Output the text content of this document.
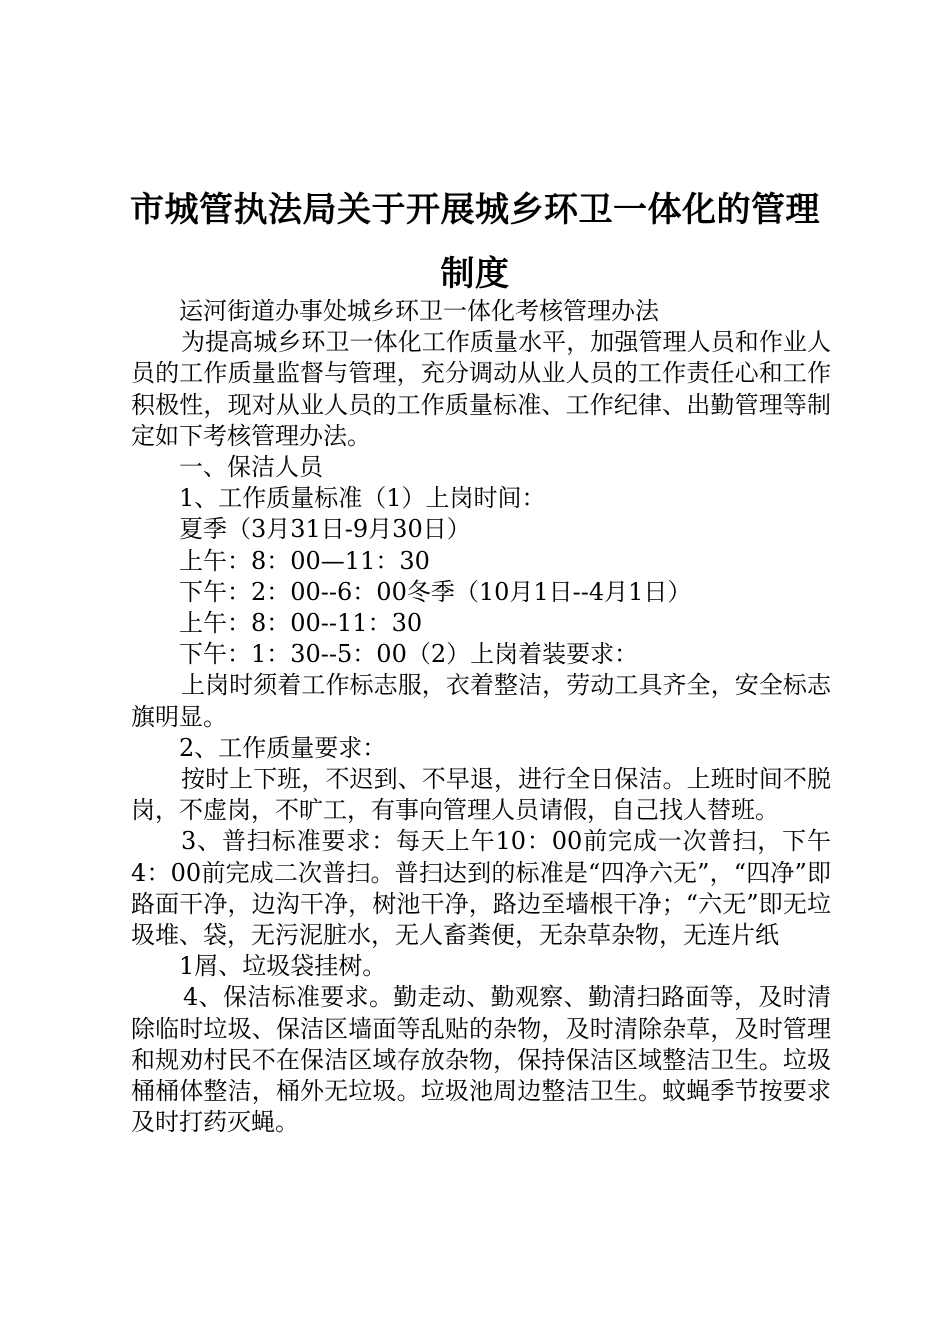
市城管执法局关于开展城乡环卫一体化的管理制度

运河街道办事处城乡环卫一体化考核管理办法

为提高城乡环卫一体化工作质量水平，加强管理人员和作业人员的工作质量监督与管理，充分调动从业人员的工作责任心和工作积极性，现对从业人员的工作质量标准、工作纪律、出勤管理等制定如下考核管理办法。

一、保洁人员

1、工作质量标准（1）上岗时间：

夏季（3月31日-9月30日）

上午：8：00—11：30

下午：2：00--6：00冬季（10月1日--4月1日）

上午：8：00--11：30

下午：1：30--5：00（2）上岗着装要求：

上岗时须着工作标志服，衣着整洁，劳动工具齐全，安全标志旗明显。

2、工作质量要求：

按时上下班，不迟到、不早退，进行全日保洁。上班时间不脱岗，不虚岗，不旷工，有事向管理人员请假，自己找人替班。

3、普扫标准要求：每天上午10：00前完成一次普扫，下午4：00前完成二次普扫。普扫达到的标准是“四净六无”，“四净”即路面干净，边沟干净，树池干净，路边至墙根干净；“六无”即无垃圾堆、袋，无污泥脏水，无人畜粪便，无杂草杂物，无连片纸

1屑、垃圾袋挂树。

4、保洁标准要求。勤走动、勤观察、勤清扫路面等，及时清除临时垃圾、保洁区墙面等乱贴的杂物，及时清除杂草，及时管理和规劝村民不在保洁区域存放杂物，保持保洁区域整洁卫生。垃圾桶桶体整洁，桶外无垃圾。垃圾池周边整洁卫生。蚊蝇季节按要求及时打药灭蝇。
